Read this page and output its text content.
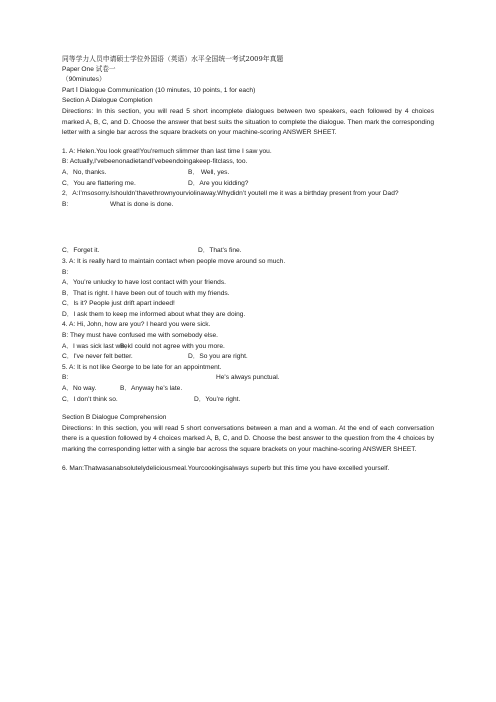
同等学力人员申请硕士学位外国语（英语）水平全国统一考试2009年真题
Paper One 试卷一
（90minutes）
Part Ⅰ Dialogue Communication (10 minutes, 10 points, 1 for each)
Section A Dialogue Completion
Directions: In this section, you will read 5 short incomplete dialogues between two speakers, each followed by 4 choices marked A, B, C, and D. Choose the answer that best suits the situation to complete the dialogue. Then mark the corresponding letter with a single bar across the square brackets on your machine-scoring ANSWER SHEET.
1. A: Helen.You look great!You'remuch slimmer than last time I saw you.
B: Actually,I'vebeenonadietandI'vebeendoingakeep-fitclass, too.
A．No, thanks.	B． Well, yes.
C．You are flattering me.	D．Are you kidding?
2．A:I’msosorry.Ishouldn’thavethrownyourviolinaway.Whydidn’t youtell me it was a birthday present from your Dad?
B:	What is done is done.
C．Forget it.	D．That’s fine.
3. A: It is really hard to maintain contact when people move around so much.
B:
A．You’re unlucky to have lost contact with your friends.
B．That is right. I have been out of touch with my friends.
C．Is it? People just drift apart indeed!
D．I ask them to keep me informed about what they are doing.
4. A: Hi, John, how are you? I heard you were sick.
B: They must have confused me with somebody else.
A．I was sick last week.
B．I could not agree with you more.
C．I’ve never felt better.	D．So you are right.
5. A: It is not like George to be late for an appointment.
B:	He's always punctual.
A．No way.	B．Anyway he’s late.
C．I don’t think so.	D．You’re right.
Section B Dialogue Comprehension
Directions: In this section, you will read 5 short conversations between a man and a woman. At the end of each conversation there is a question followed by 4 choices marked A, B, C, and D. Choose the best answer to the question from the 4 choices by marking the corresponding letter with a single bar across the square brackets on your machine-scoring ANSWER SHEET.
6. Man:Thatwasanabsolutelydeliciousmeal.Yourcookingisalways superb but this time you have excelled yourself.
